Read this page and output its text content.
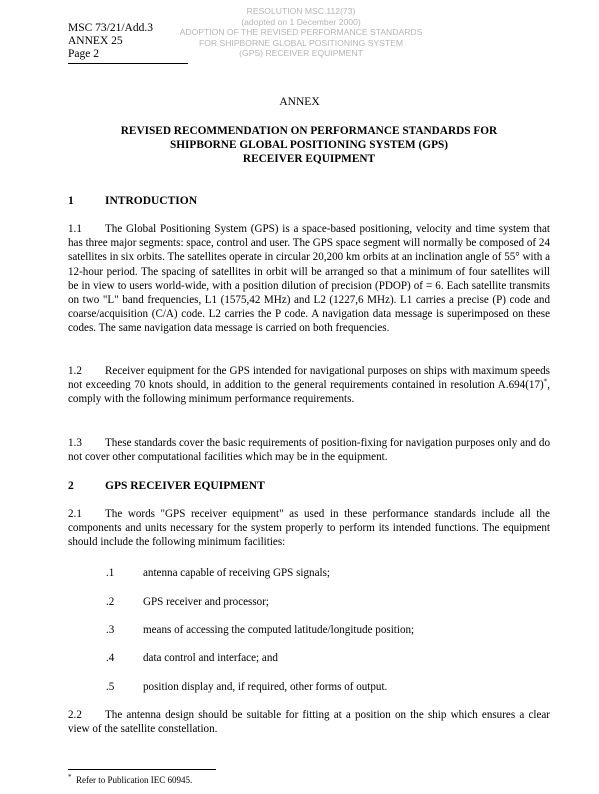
MSC 73/21/Add.3
ANNEX 25
Page 2
RESOLUTION MSC.112(73)
(adopted on 1 December 2000)
ADOPTION OF THE REVISED PERFORMANCE STANDARDS
FOR SHIPBORNE GLOBAL POSITIONING SYSTEM
(GPS) RECEIVER EQUIPMENT
ANNEX
REVISED RECOMMENDATION ON PERFORMANCE STANDARDS FOR
SHIPBORNE GLOBAL POSITIONING SYSTEM (GPS)
RECEIVER EQUIPMENT
1	INTRODUCTION
1.1 The Global Positioning System (GPS) is a space-based positioning, velocity and time system that has three major segments: space, control and user. The GPS space segment will normally be composed of 24 satellites in six orbits. The satellites operate in circular 20,200 km orbits at an inclination angle of 55° with a 12-hour period. The spacing of satellites in orbit will be arranged so that a minimum of four satellites will be in view to users world-wide, with a position dilution of precision (PDOP) of = 6. Each satellite transmits on two "L" band frequencies, L1 (1575,42 MHz) and L2 (1227,6 MHz). L1 carries a precise (P) code and coarse/acquisition (C/A) code. L2 carries the P code. A navigation data message is superimposed on these codes. The same navigation data message is carried on both frequencies.
1.2 Receiver equipment for the GPS intended for navigational purposes on ships with maximum speeds not exceeding 70 knots should, in addition to the general requirements contained in resolution A.694(17)*, comply with the following minimum performance requirements.
1.3 These standards cover the basic requirements of position-fixing for navigation purposes only and do not cover other computational facilities which may be in the equipment.
2	GPS RECEIVER EQUIPMENT
2.1 The words "GPS receiver equipment" as used in these performance standards include all the components and units necessary for the system properly to perform its intended functions. The equipment should include the following minimum facilities:
.1	antenna capable of receiving GPS signals;
.2	GPS receiver and processor;
.3	means of accessing the computed latitude/longitude position;
.4	data control and interface; and
.5	position display and, if required, other forms of output.
2.2 The antenna design should be suitable for fitting at a position on the ship which ensures a clear view of the satellite constellation.
* Refer to Publication IEC 60945.
